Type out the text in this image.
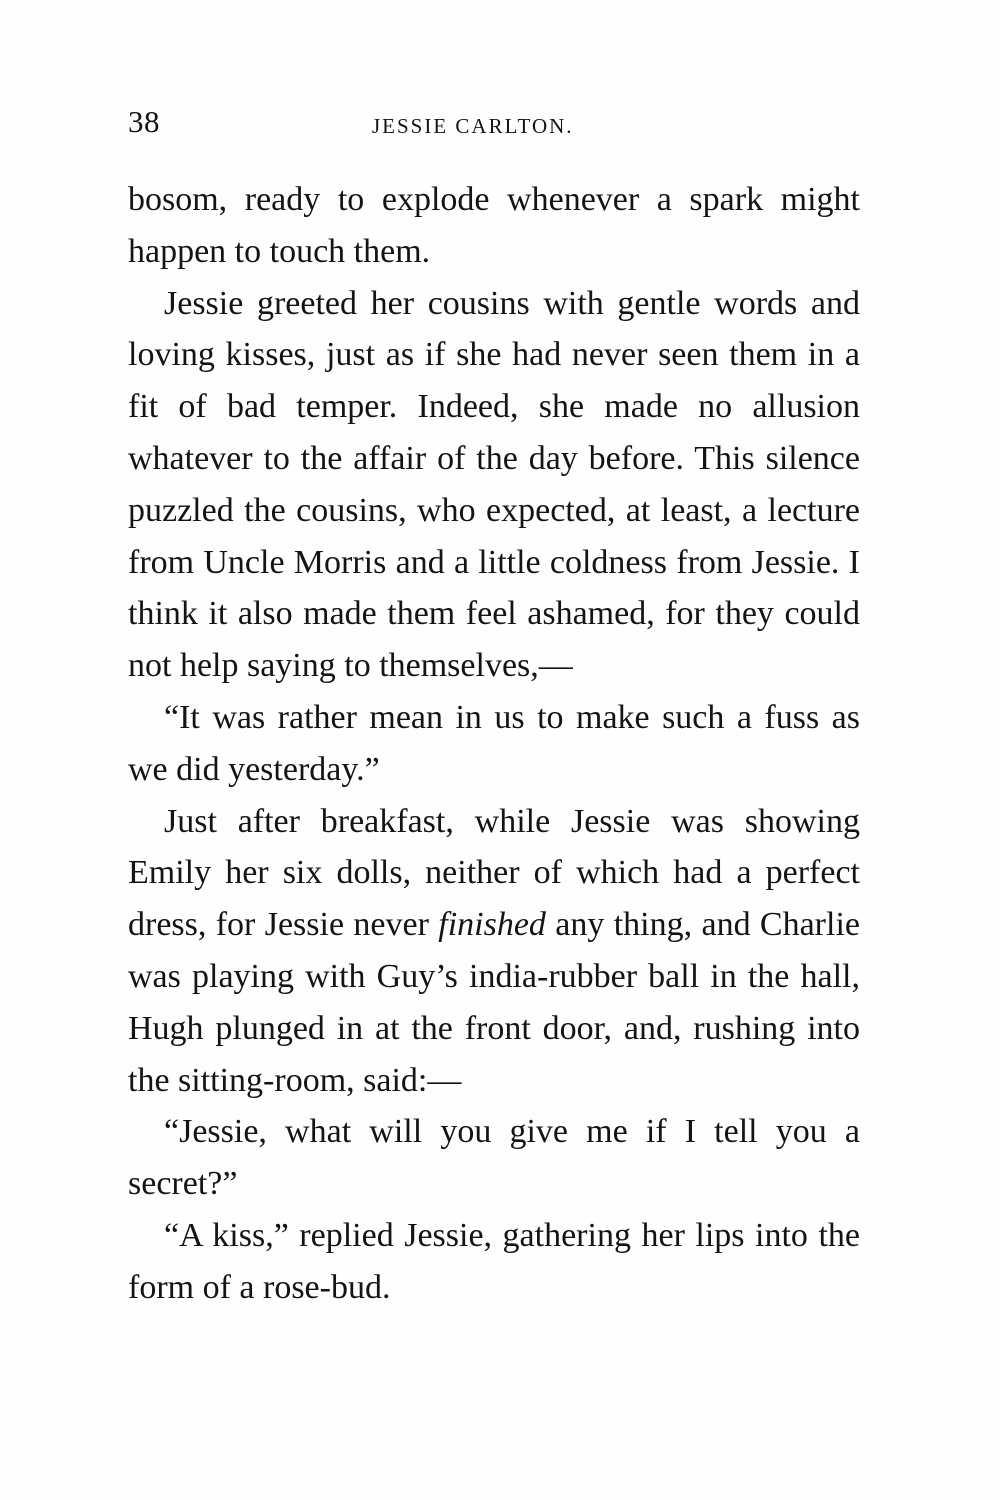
38	JESSIE CARLTON.

bosom, ready to explode whenever a spark might happen to touch them.

Jessie greeted her cousins with gentle words and loving kisses, just as if she had never seen them in a fit of bad temper. Indeed, she made no allusion whatever to the affair of the day before. This silence puzzled the cousins, who expected, at least, a lecture from Uncle Morris and a little coldness from Jessie. I think it also made them feel ashamed, for they could not help saying to themselves,—

“It was rather mean in us to make such a fuss as we did yesterday.”

Just after breakfast, while Jessie was showing Emily her six dolls, neither of which had a perfect dress, for Jessie never finished any thing, and Charlie was playing with Guy’s india-rubber ball in the hall, Hugh plunged in at the front door, and, rushing into the sitting-room, said:—

“Jessie, what will you give me if I tell you a secret?”

“A kiss,” replied Jessie, gathering her lips into the form of a rose-bud.
